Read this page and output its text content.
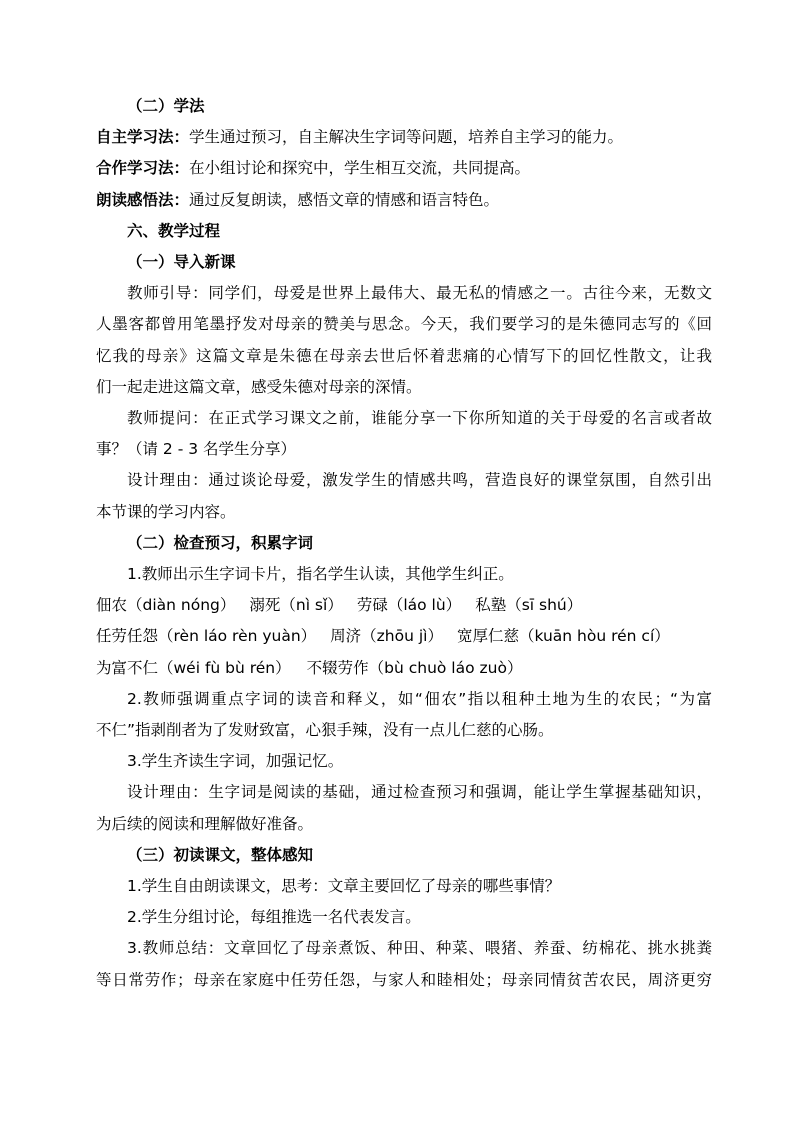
（二）学法
自主学习法：学生通过预习，自主解决生字词等问题，培养自主学习的能力。
合作学习法：在小组讨论和探究中，学生相互交流，共同提高。
朗读感悟法：通过反复朗读，感悟文章的情感和语言特色。
六、教学过程
（一）导入新课
教师引导：同学们，母爱是世界上最伟大、最无私的情感之一。古往今来，无数文
人墨客都曾用笔墨抒发对母亲的赞美与思念。今天，我们要学习的是朱德同志写的《回
忆我的母亲》这篇文章是朱德在母亲去世后怀着悲痛的心情写下的回忆性散文，让我
们一起走进这篇文章，感受朱德对母亲的深情。
教师提问：在正式学习课文之前，谁能分享一下你所知道的关于母爱的名言或者故
事？（请 2 - 3 名学生分享）
设计理由：通过谈论母爱，激发学生的情感共鸣，营造良好的课堂氛围，自然引出
本节课的学习内容。
（二）检查预习，积累字词
1.教师出示生字词卡片，指名学生认读，其他学生纠正。
佃农（diàn nóng） 溺死（nì sǐ） 劳碌（láo lù） 私塾（sī shú）
任劳任怨（rèn láo rèn yuàn） 周济（zhōu jì） 宽厚仁慈（kuān hòu rén cí）
为富不仁（wéi fù bù rén） 不辍劳作（bù chuò láo zuò）
2.教师强调重点字词的读音和释义，如“佃农”指以租种土地为生的农民；“为富
不仁”指剥削者为了发财致富，心狠手辣，没有一点儿仁慈的心肠。
3.学生齐读生字词，加强记忆。
设计理由：生字词是阅读的基础，通过检查预习和强调，能让学生掌握基础知识，
为后续的阅读和理解做好准备。
（三）初读课文，整体感知
1.学生自由朗读课文，思考：文章主要回忆了母亲的哪些事情？
2.学生分组讨论，每组推选一名代表发言。
3.教师总结：文章回忆了母亲煮饭、种田、种菜、喂猪、养蚕、纺棉花、挑水挑粪
等日常劳作；母亲在家庭中任劳任怨，与家人和睦相处；母亲同情贫苦农民，周济更穷
